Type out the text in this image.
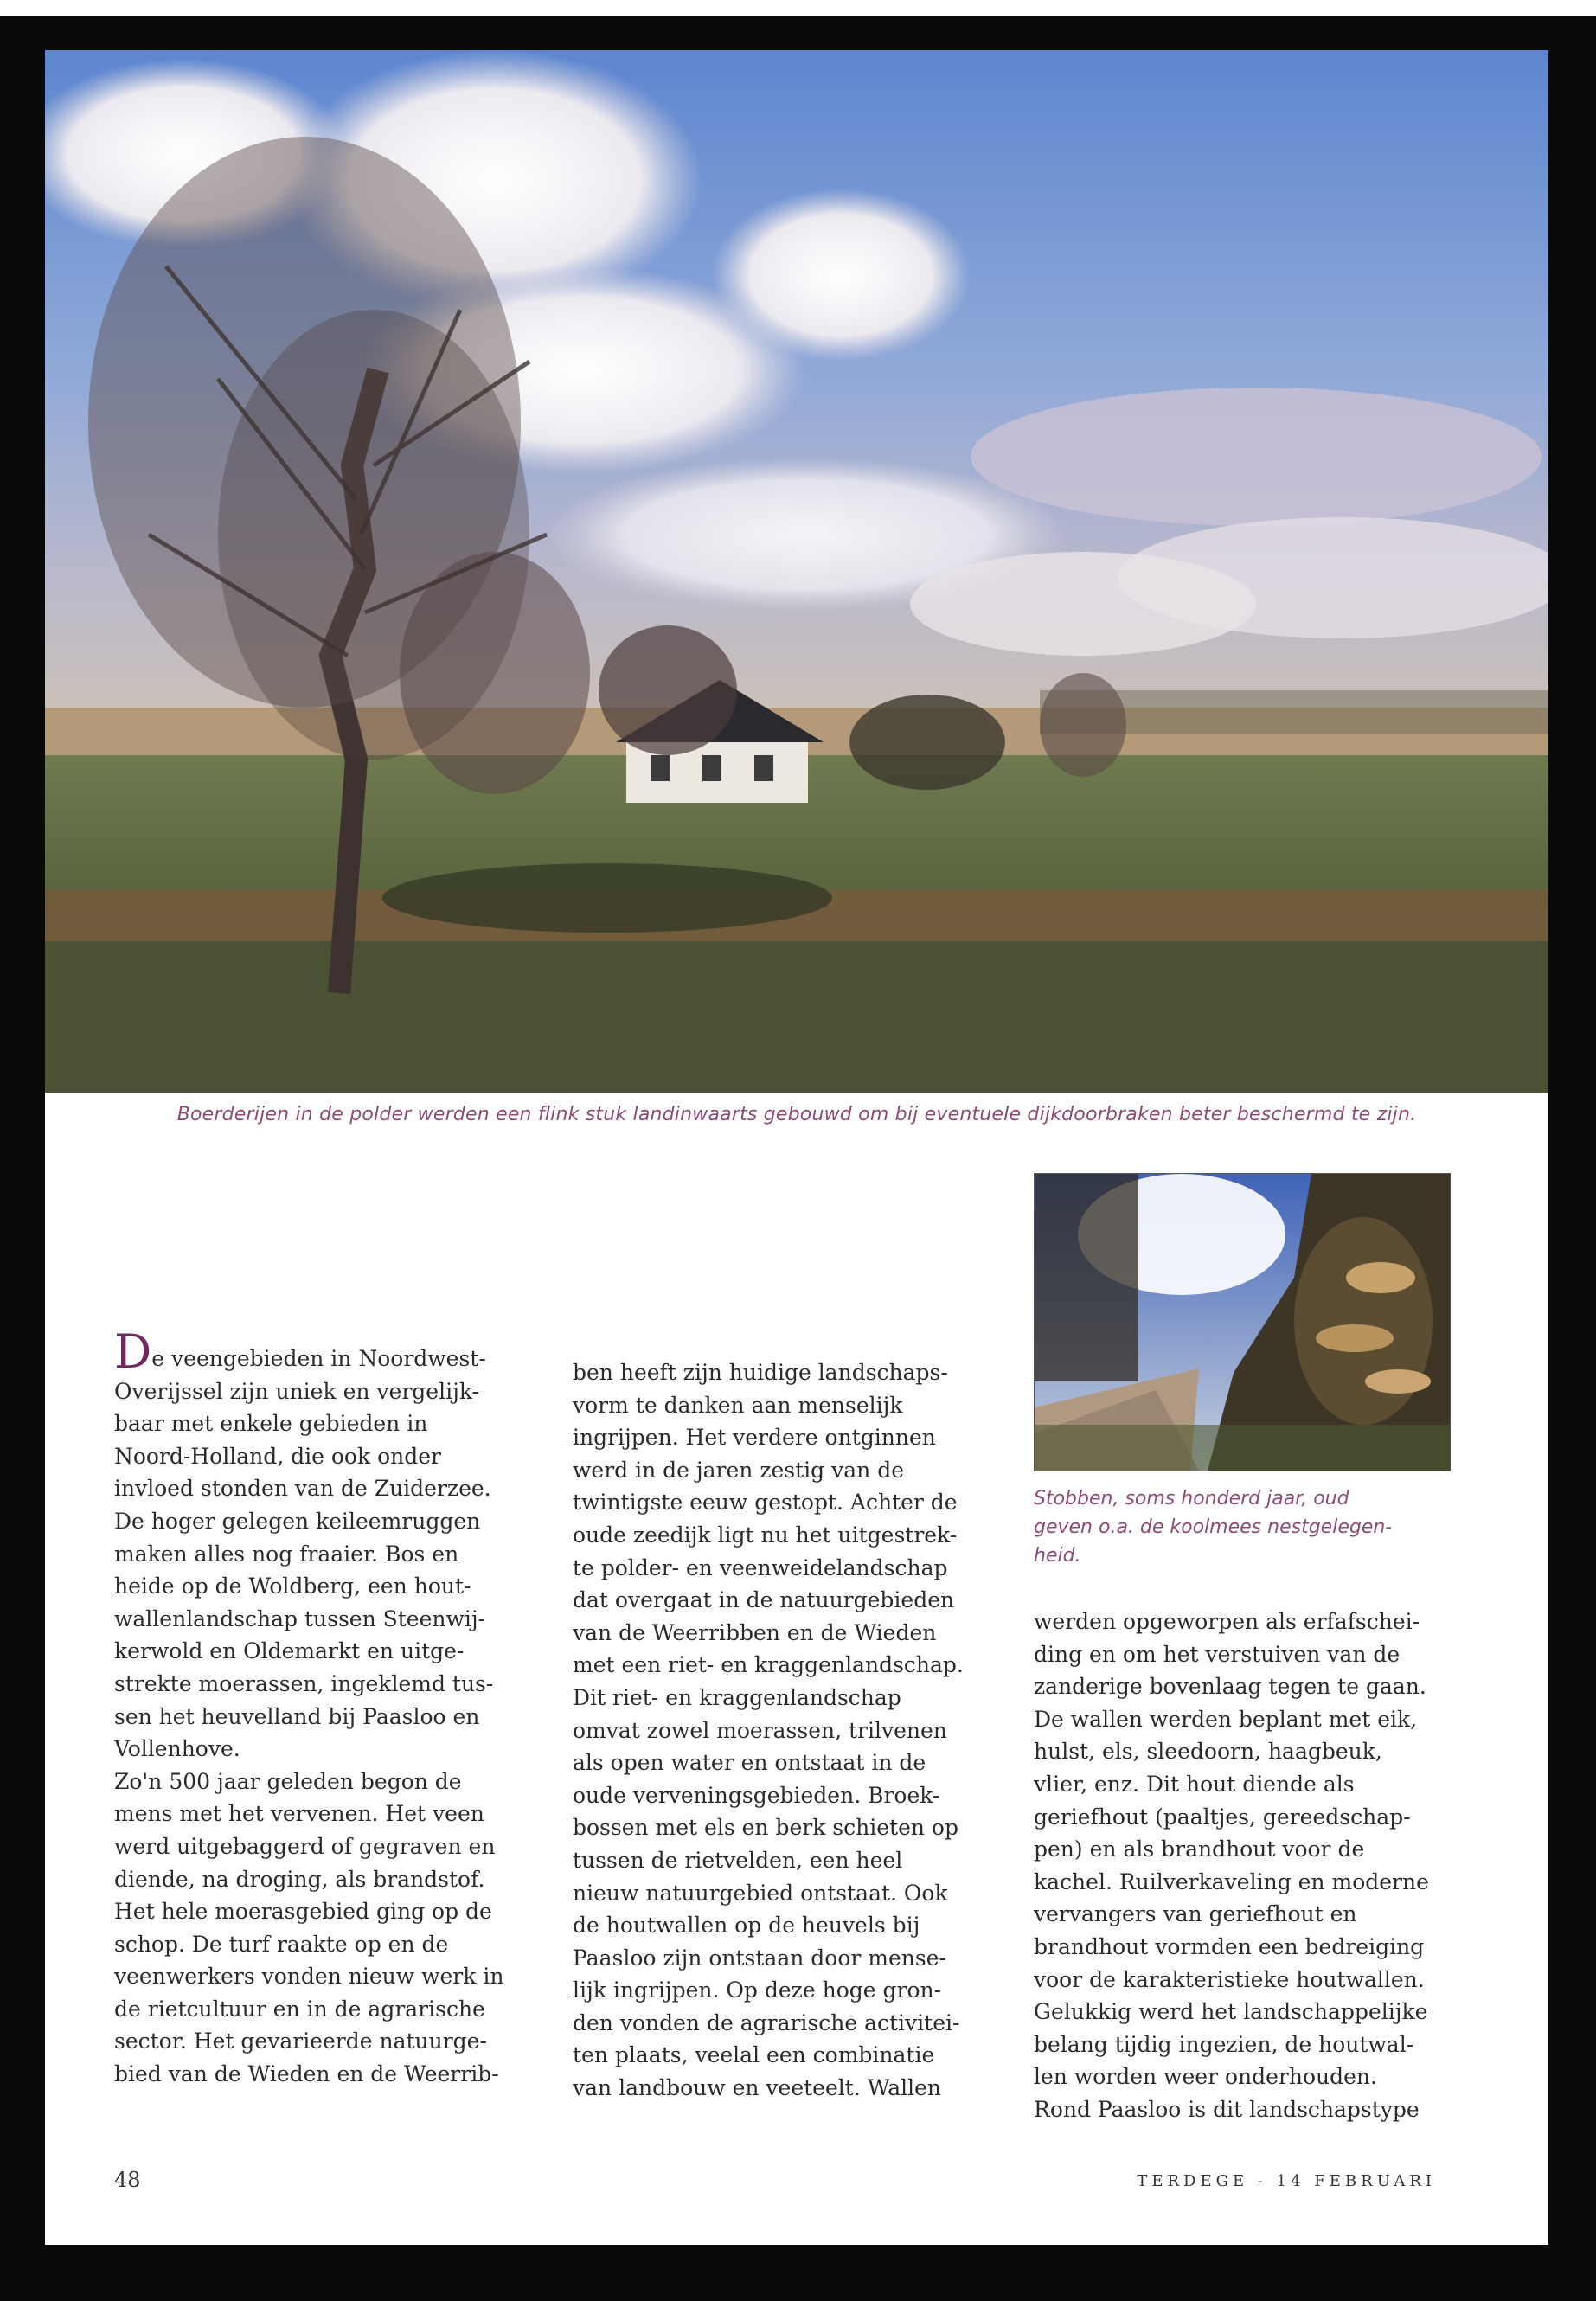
Boerderijen in de polder werden een flink stuk landinwaarts gebouwd om bij eventuele dijkdoorbraken beter beschermd te zijn.
Stobben, soms honderd jaar, oud
geven o.a. de koolmees nestgelegen-
heid.
De veengebieden in Noordwest-
Overijssel zijn uniek en vergelijk-
baar met enkele gebieden in
Noord-Holland, die ook onder
invloed stonden van de Zuiderzee.
De hoger gelegen keileemruggen
maken alles nog fraaier. Bos en
heide op de Woldberg, een hout-
wallenlandschap tussen Steenwij-
kerwold en Oldemarkt en uitge-
strekte moerassen, ingeklemd tus-
sen het heuvelland bij Paasloo en
Vollenhove.
Zo'n 500 jaar geleden begon de
mens met het vervenen. Het veen
werd uitgebaggerd of gegraven en
diende, na droging, als brandstof.
Het hele moerasgebied ging op de
schop. De turf raakte op en de
veenwerkers vonden nieuw werk in
de rietcultuur en in de agrarische
sector. Het gevarieerde natuurge-
bied van de Wieden en de Weerrib-
ben heeft zijn huidige landschaps-
vorm te danken aan menselijk
ingrijpen. Het verdere ontginnen
werd in de jaren zestig van de
twintigste eeuw gestopt. Achter de
oude zeedijk ligt nu het uitgestrek-
te polder- en veenweidelandschap
dat overgaat in de natuurgebieden
van de Weerribben en de Wieden
met een riet- en kraggenlandschap.
Dit riet- en kraggenlandschap
omvat zowel moerassen, trilvenen
als open water en ontstaat in de
oude verveningsgebieden. Broek-
bossen met els en berk schieten op
tussen de rietvelden, een heel
nieuw natuurgebied ontstaat. Ook
de houtwallen op de heuvels bij
Paasloo zijn ontstaan door mense-
lijk ingrijpen. Op deze hoge gron-
den vonden de agrarische activitei-
ten plaats, veelal een combinatie
van landbouw en veeteelt. Wallen
werden opgeworpen als erfafschei-
ding en om het verstuiven van de
zanderige bovenlaag tegen te gaan.
De wallen werden beplant met eik,
hulst, els, sleedoorn, haagbeuk,
vlier, enz. Dit hout diende als
geriefhout (paaltjes, gereedschap-
pen) en als brandhout voor de
kachel. Ruilverkaveling en moderne
vervangers van geriefhout en
brandhout vormden een bedreiging
voor de karakteristieke houtwallen.
Gelukkig werd het landschappelijke
belang tijdig ingezien, de houtwal-
len worden weer onderhouden.
Rond Paasloo is dit landschapstype
48	TERDEGE - 14 FEBRUARI
